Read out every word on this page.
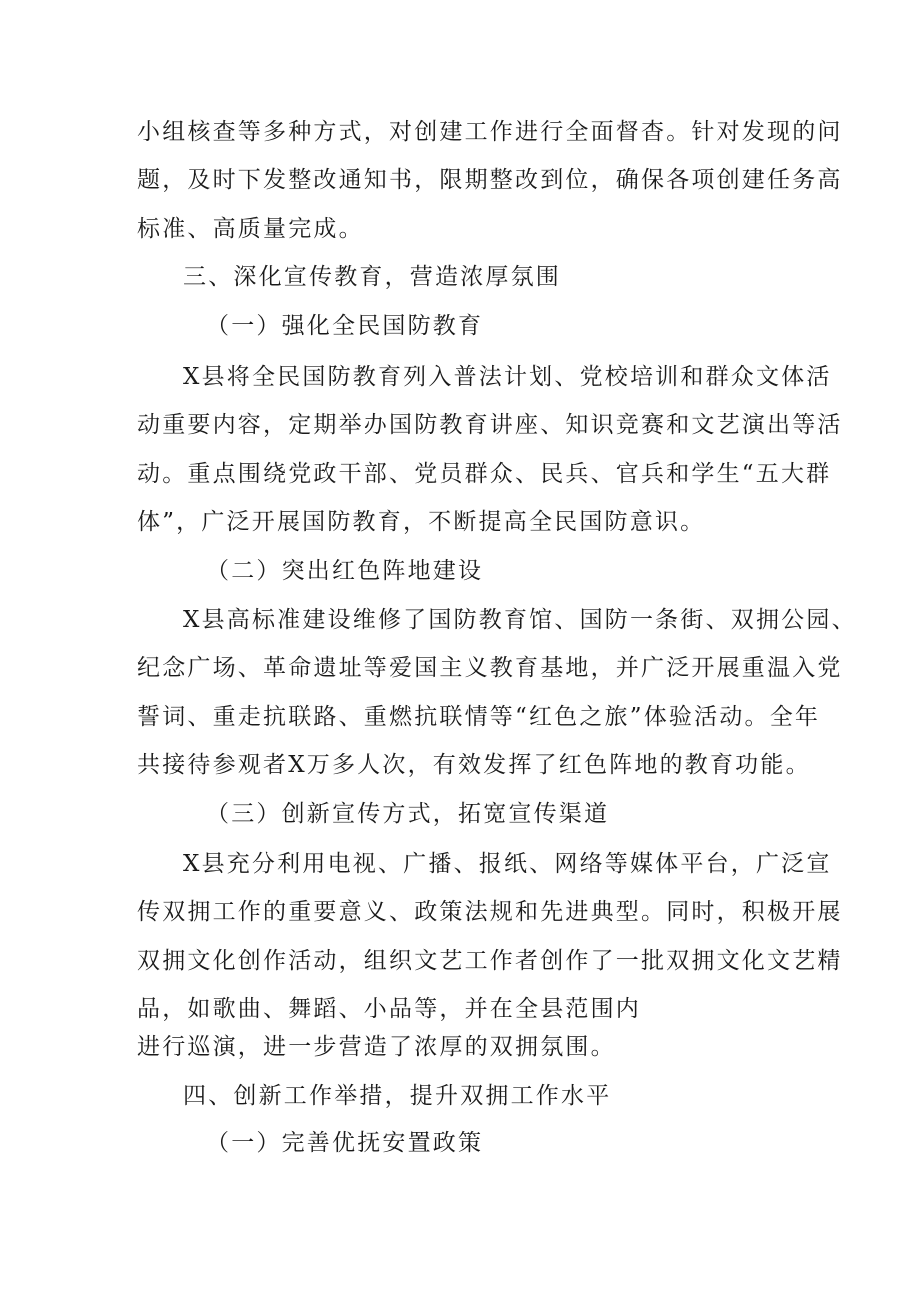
小组核查等多种方式，对创建工作进行全面督杳。针对发现的问
题，及时下发整改通知书，限期整改到位，确保各项创建任务高
标准、高质量完成。
三、深化宣传教育，营造浓厚氛围
（一）强化全民国防教育
X县将全民国防教育列入普法计划、党校培训和群众文体活
动重要内容，定期举办国防教育讲座、知识竞赛和文艺演出等活
动。重点围绕党政干部、党员群众、民兵、官兵和学生“五大群
体”，广泛开展国防教育，不断提高全民国防意识。
（二）突出红色阵地建设
X县高标准建设维修了国防教育馆、国防一条街、双拥公园、
纪念广场、革命遗址等爱国主义教育基地，并广泛开展重温入党
誓词、重走抗联路、重燃抗联情等“红色之旅”体验活动。全年
共接待参观者X万多人次，有效发挥了红色阵地的教育功能。
（三）创新宣传方式，拓宽宣传渠道
X县充分利用电视、广播、报纸、网络等媒体平台，广泛宣
传双拥工作的重要意义、政策法规和先进典型。同时，积极开展
双拥文化创作活动，组织文艺工作者创作了一批双拥文化文艺精
品，如歌曲、舞蹈、小品等，并在全县范围内
进行巡演，进一步营造了浓厚的双拥氛围。
四、创新工作举措，提升双拥工作水平
（一）完善优抚安置政策
